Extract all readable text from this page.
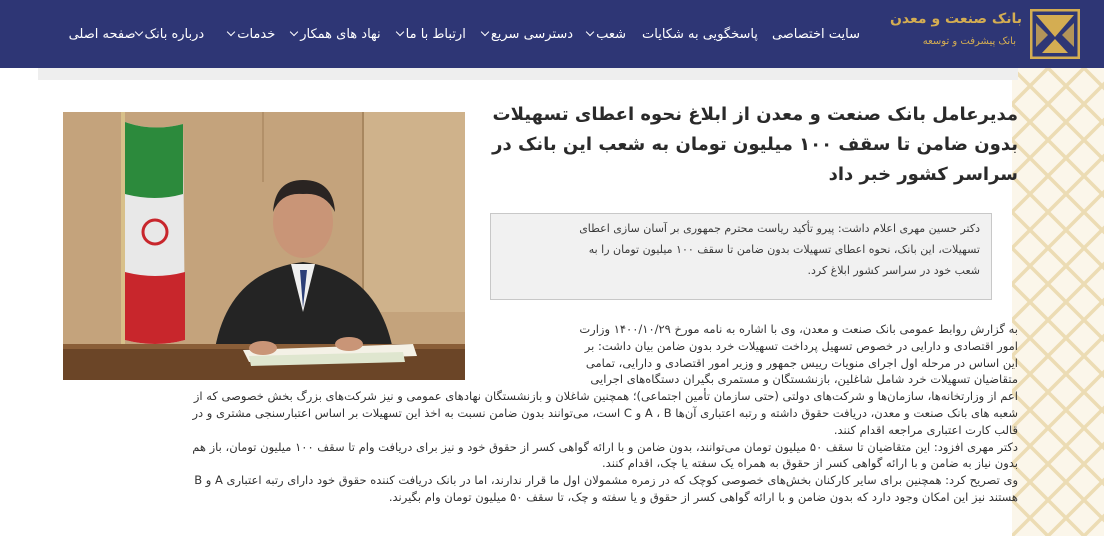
بانک صنعت و معدن
بانک پیشرفت و توسعه
صفحه اصلی درباره بانک	خدمات نهاد های همکار ارتباط با ما دسترسی سریع شعب پاسخگویی به شکایات سایت اختصاصی
مدیرعامل بانک صنعت و معدن از ابلاغ نحوه اعطای تسهیلات
بدون ضامن تا سقف ۱۰۰ میلیون تومان به شعب این بانک در
سراسر کشور خبر داد
دکتر حسین مهری اعلام داشت: پیرو تأکید ریاست محترم جمهوری بر آسان سازی اعطای
تسهیلات، این بانک، نحوه اعطای تسهیلات بدون ضامن تا سقف ۱۰۰ میلیون تومان را به
شعب خود در سراسر کشور ابلاغ کرد.
به گزارش روابط عمومی بانک صنعت و معدن، وی با اشاره به نامه مورخ ۱۴۰۰/۱۰/۲۹ وزارت
امور اقتصادی و دارایی در خصوص تسهیل پرداخت تسهیلات خرد بدون ضامن بیان داشت: بر
این اساس در مرحله اول اجرای منویات رییس جمهور و وزیر امور اقتصادی و دارایی، تمامی
متقاضیان تسهیلات خرد شامل شاغلین، بازنشستگان و مستمری بگیران دستگاه‌های اجرایی
اعم از وزارتخانه‌ها، سازمان‌ها و شرکت‌های دولتی (حتی سازمان تأمین اجتماعی)؛ همچنین شاغلان و بازنشستگان نهادهای عمومی و نیز شرکت‌های بزرگ بخش خصوصی که از
شعبه های بانک صنعت و معدن، دریافت حقوق داشته و رتبه اعتباری آن‌ها A ، B و C است، می‌توانند بدون ضامن نسبت به اخذ این تسهیلات بر اساس اعتبارسنجی مشتری و در
قالب کارت اعتباری مراجعه اقدام کنند.
دکتر مهری افزود: این متقاضیان تا سقف ۵۰ میلیون تومان می‌توانند، بدون ضامن و با ارائه گواهی کسر از حقوق خود و نیز برای دریافت وام تا سقف ۱۰۰ میلیون تومان، باز هم
بدون نیاز به ضامن و با ارائه گواهی کسر از حقوق به همراه یک سفته یا چک، اقدام کنند.
وی تصریح کرد: همچنین برای سایر کارکنان بخش‌های خصوصی کوچک که در زمره مشمولان اول ما قرار ندارند، اما در بانک دریافت کننده حقوق خود دارای رتبه اعتباری A و B
هستند نیز این امکان وجود دارد که بدون ضامن و با ارائه گواهی کسر از حقوق و یا سفته و چک، تا سقف ۵۰ میلیون تومان وام بگیرند.
